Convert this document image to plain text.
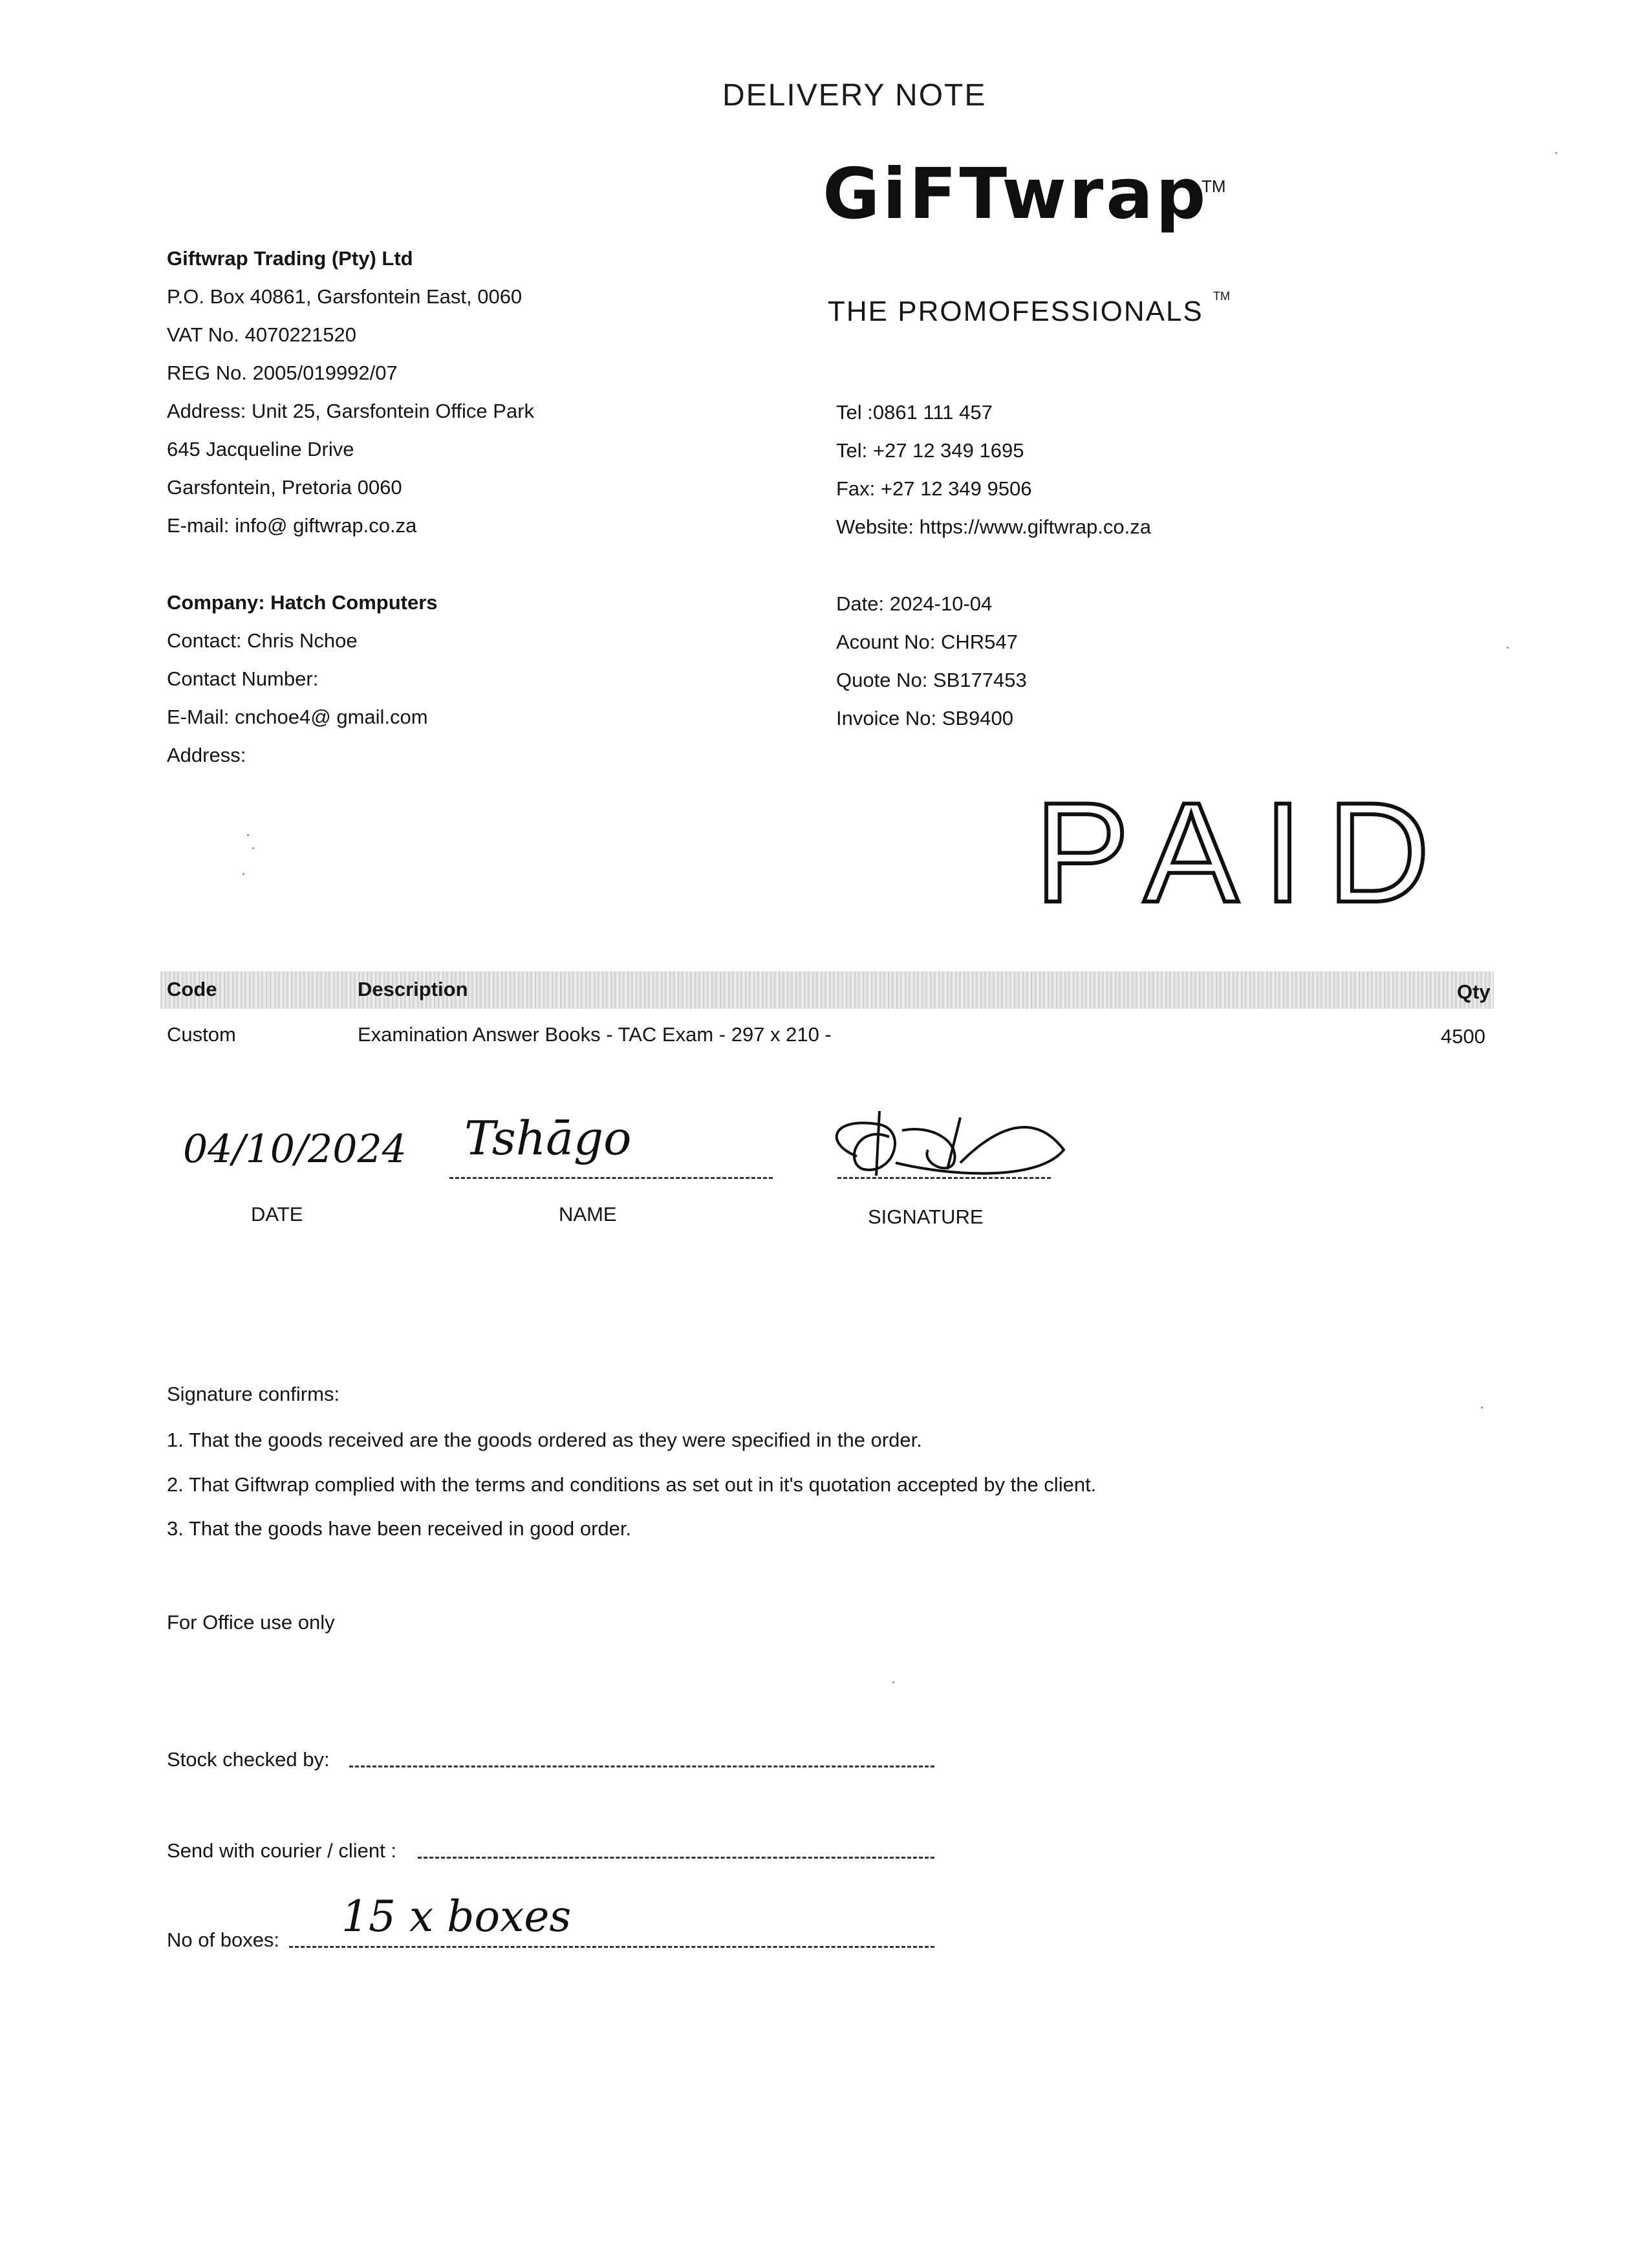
DELIVERY NOTE
GiFTwrap
TM
THE PROMOFESSIONALS TM
Giftwrap Trading (Pty) Ltd
P.O. Box 40861, Garsfontein East, 0060
VAT No. 4070221520
REG No. 2005/019992/07
Address: Unit 25, Garsfontein Office Park
645 Jacqueline Drive
Garsfontein, Pretoria 0060
E-mail: info@ giftwrap.co.za
Tel :0861 111 457
Tel: +27 12 349 1695
Fax: +27 12 349 9506
Website: https://www.giftwrap.co.za
Company: Hatch Computers
Contact: Chris Nchoe
Contact Number:
E-Mail: cnchoe4@ gmail.com
Address:
Date: 2024-10-04
Acount No: CHR547
Quote No: SB177453
Invoice No: SB9400
PAID
Code	Description	Qty
Custom	Examination Answer Books - TAC Exam - 297 x 210 -	4500
04/10/2024 Tshāgo
DATE	NAME	SIGNATURE
Signature confirms:
1. That the goods received are the goods ordered as they were specified in the order.
2. That Giftwrap complied with the terms and conditions as set out in it's quotation accepted by the client.
3. That the goods have been received in good order.
For Office use only
Stock checked by:
Send with courier / client :
No of boxes: 15 x boxes
